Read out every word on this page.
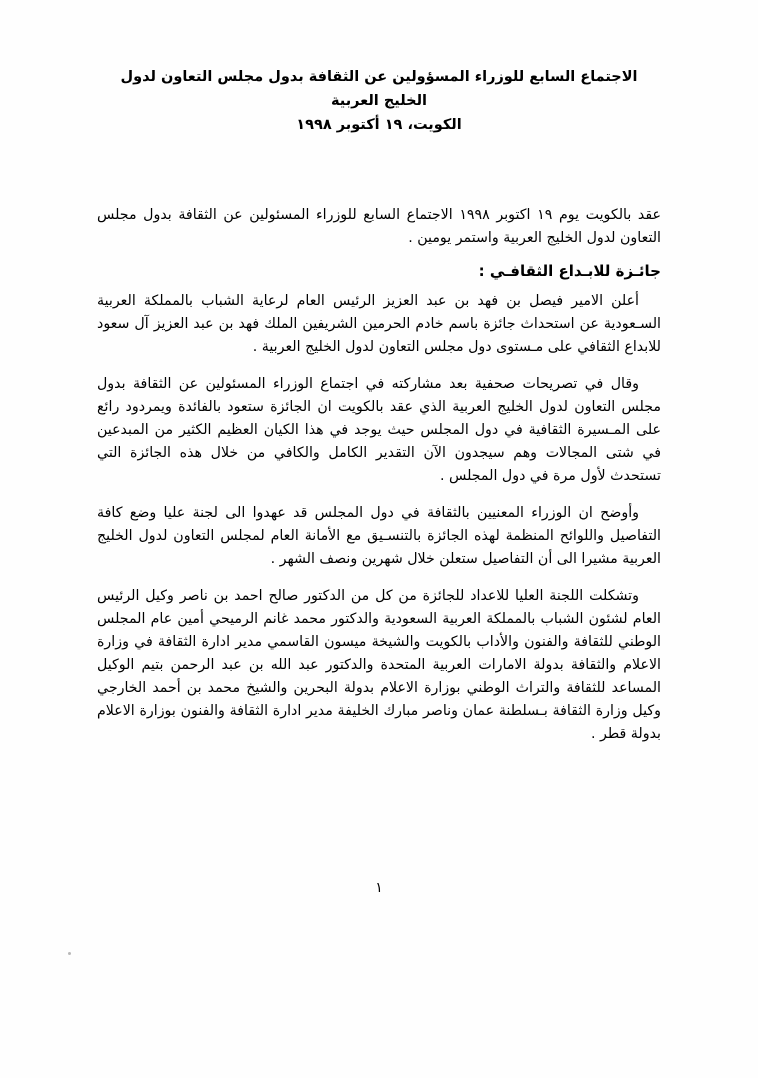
الاجتماع السابع للوزراء المسؤولين عن الثقافة بدول مجلس التعاون لدول الخليج العربية
الكويت، ١٩ أكتوبر ١٩٩٨

عقد بالكويت يوم ١٩ اكتوبر ١٩٩٨ الاجتماع السابع للوزراء المسئولين عن الثقافة بدول مجلس التعاون لدول الخليج العربية واستمر يومين .

جائـزة للابـداع الثقافـي :

أعلن الامير فيصل بن فهد بن عبد العزيز الرئيس العام لرعاية الشباب بالمملكة العربية السـعودية عن استحداث جائزة باسم خادم الحرمين الشريفين الملك فهد بن عبد العزيز آل سعود للابداع الثقافي على مـستوى دول مجلس التعاون لدول الخليج العربية .

وقال في تصريحات صحفية بعد مشاركته في اجتماع الوزراء المسئولين عن الثقافة بدول مجلس التعاون لدول الخليج العربية الذي عقد بالكويت ان الجائزة ستعود بالفائدة ويمردود رائع على المـسيرة الثقافية في دول المجلس حيث يوجد في هذا الكيان العظيم الكثير من المبدعين في شتى المجالات وهم سيجدون الآن التقدير الكامل والكافي من خلال هذه الجائزة التي تستحدث لأول مرة في دول المجلس .

وأوضح ان الوزراء المعنيين بالثقافة في دول المجلس قد عهدوا الى لجنة عليا وضع كافة التفاصيل واللوائح المنظمة لهذه الجائزة بالتنسـيق مع الأمانة العام لمجلس التعاون لدول الخليج العربية مشيرا الى أن التفاصيل ستعلن خلال شهرين ونصف الشهر .

وتشكلت اللجنة العليا للاعداد للجائزة من كل من الدكتور صالح احمد بن ناصر وكيل الرئيس العام لشئون الشباب بالمملكة العربية السعودية والدكتور محمد غانم الرميحي أمين عام المجلس الوطني للثقافة والفنون والأداب بالكويت والشيخة ميسون القاسمي مدير ادارة الثقافة في وزارة الاعلام والثقافة بدولة الامارات العربية المتحدة والدكتور عبد الله بن عبد الرحمن بتيم الوكيل المساعد للثقافة والتراث الوطني بوزارة الاعلام بدولة البحرين والشيخ محمد بن أحمد الخارجي وكيل وزارة الثقافة بـسلطنة عمان وناصر مبارك الخليفة مدير ادارة الثقافة والفنون بوزارة الاعلام بدولة قطر .

١
